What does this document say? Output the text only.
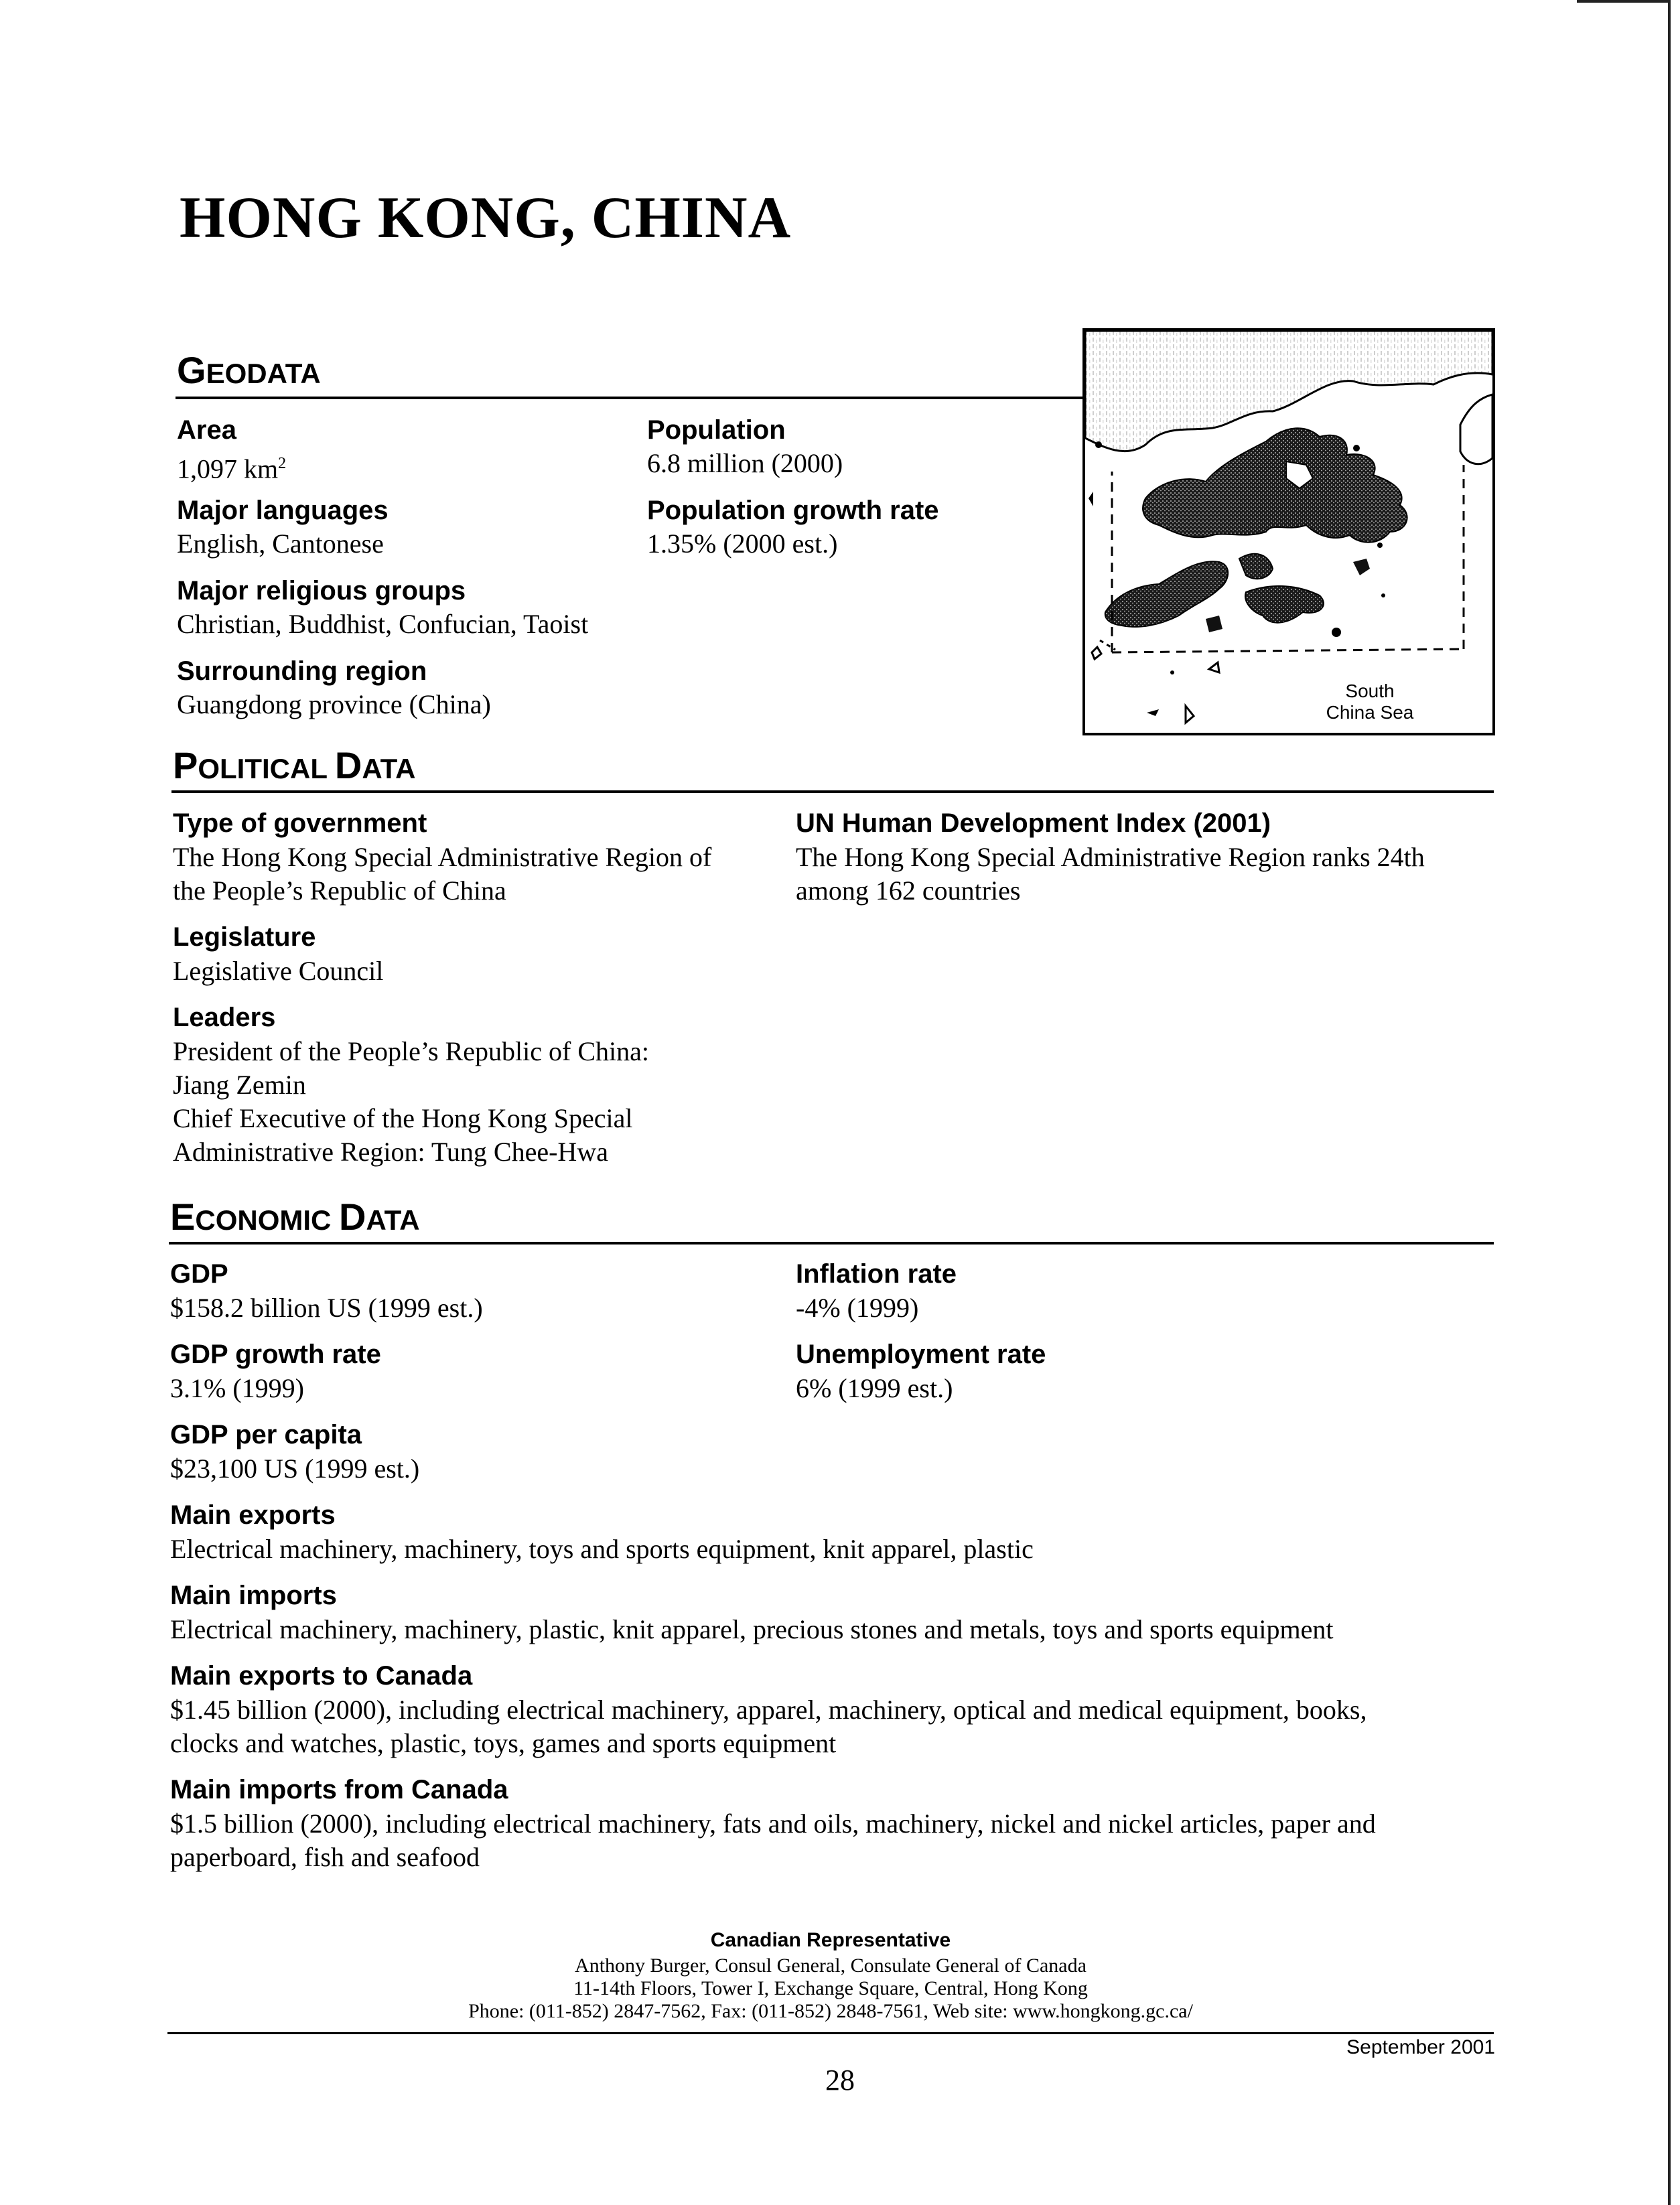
HONG KONG, CHINA
GEODATA
Area
1,097 $km^2$
Major languages
English, Cantonese
Major religious groups
Christian, Buddhist, Confucian, Taoist
Surrounding region
Guangdong province (China)
Population
6.8 million (2000)
Population growth rate
1.35% (2000 est.)
South
China Sea
POLITICAL DATA
Type of government
The Hong Kong Special Administrative Region of
the People’s Republic of China
Legislature
Legislative Council
Leaders
President of the People’s Republic of China:
Jiang Zemin
Chief Executive of the Hong Kong Special
Administrative Region: Tung Chee-Hwa
UN Human Development Index (2001)
The Hong Kong Special Administrative Region ranks 24th
among 162 countries
ECONOMIC DATA
GDP
$158.2 billion US (1999 est.)
GDP growth rate
3.1% (1999)
GDP per capita
$23,100 US (1999 est.)
Inflation rate
-4% (1999)
Unemployment rate
6% (1999 est.)
Main exports
Electrical machinery, machinery, toys and sports equipment, knit apparel, plastic
Main imports
Electrical machinery, machinery, plastic, knit apparel, precious stones and metals, toys and sports equipment
Main exports to Canada
$1.45 billion (2000), including electrical machinery, apparel, machinery, optical and medical equipment, books,
clocks and watches, plastic, toys, games and sports equipment
Main imports from Canada
$1.5 billion (2000), including electrical machinery, fats and oils, machinery, nickel and nickel articles, paper and
paperboard, fish and seafood
Canadian Representative
Anthony Burger, Consul General, Consulate General of Canada
11-14th Floors, Tower I, Exchange Square, Central, Hong Kong
Phone: (011-852) 2847-7562, Fax: (011-852) 2848-7561, Web site: www.hongkong.gc.ca/
September 2001
28
